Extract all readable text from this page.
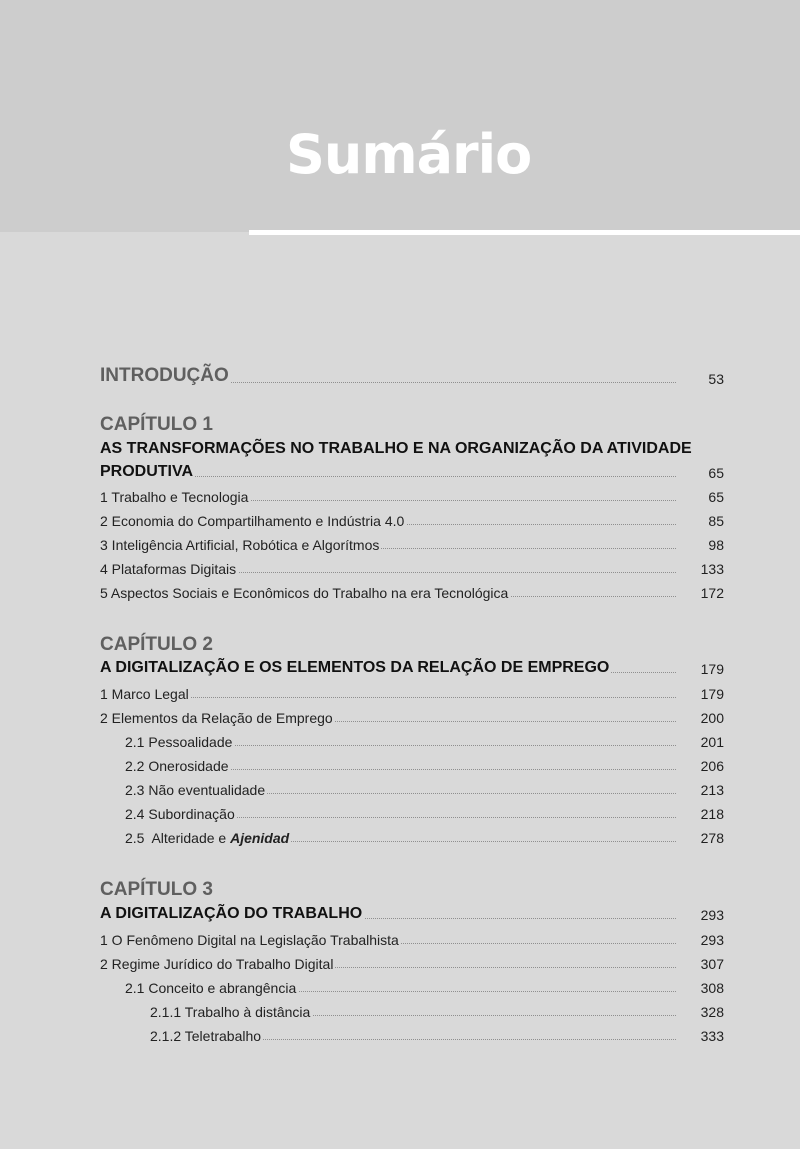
Sumário
INTRODUÇÃO	53
CAPÍTULO 1
AS TRANSFORMAÇÕES NO TRABALHO E NA ORGANIZAÇÃO DA ATIVIDADE
PRODUTIVA	65
1 Trabalho e Tecnologia	65
2 Economia do Compartilhamento e Indústria 4.0	85
3 Inteligência Artificial, Robótica e Algorítmos	98
4 Plataformas Digitais	133
5 Aspectos Sociais e Econômicos do Trabalho na era Tecnológica	172
CAPÍTULO 2
A DIGITALIZAÇÃO E OS ELEMENTOS DA RELAÇÃO DE EMPREGO	179
1 Marco Legal	179
2 Elementos da Relação de Emprego	200
2.1 Pessoalidade	201
2.2 Onerosidade	206
2.3 Não eventualidade	213
2.4 Subordinação	218
2.5  Alteridade e Ajenidad	278
CAPÍTULO 3
A DIGITALIZAÇÃO DO TRABALHO	293
1 O Fenômeno Digital na Legislação Trabalhista	293
2 Regime Jurídico do Trabalho Digital	307
2.1 Conceito e abrangência	308
2.1.1 Trabalho à distância	328
2.1.2 Teletrabalho	333
